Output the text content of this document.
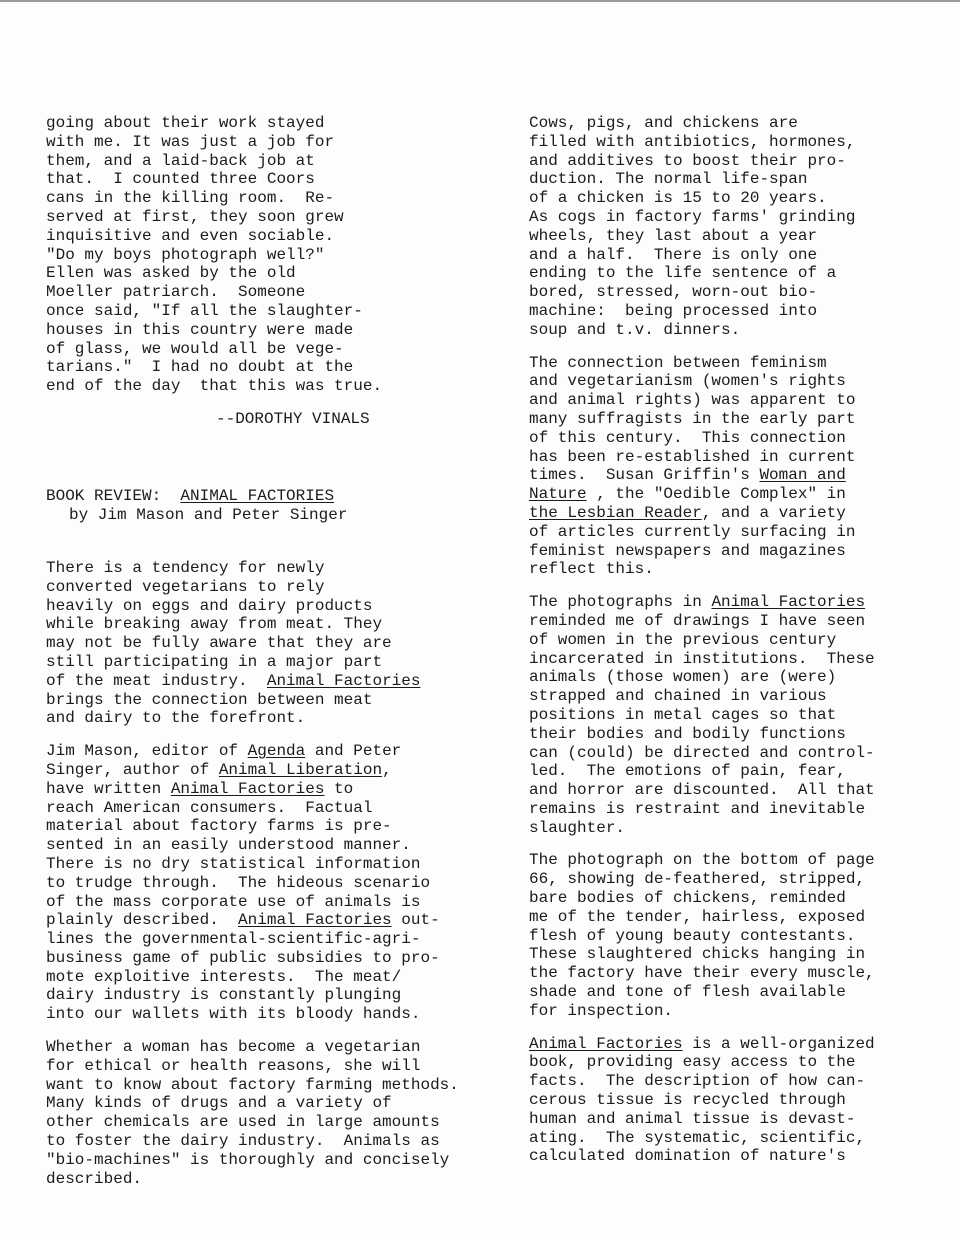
going about their work stayed
with me. It was just a job for
them, and a laid-back job at
that.  I counted three Coors
cans in the killing room.  Re-
served at first, they soon grew
inquisitive and even sociable.
"Do my boys photograph well?"
Ellen was asked by the old
Moeller patriarch.  Someone
once said, "If all the slaughter-
houses in this country were made
of glass, we would all be vege-
tarians."  I had no doubt at the
end of the day  that this was true.
--DOROTHY VINALS
BOOK REVIEW:  ANIMAL FACTORIES
by Jim Mason and Peter Singer
There is a tendency for newly
converted vegetarians to rely
heavily on eggs and dairy products
while breaking away from meat. They
may not be fully aware that they are
still participating in a major part
of the meat industry.  Animal Factories
brings the connection between meat
and dairy to the forefront.
Jim Mason, editor of Agenda and Peter
Singer, author of Animal Liberation,
have written Animal Factories to
reach American consumers.  Factual
material about factory farms is pre-
sented in an easily understood manner.
There is no dry statistical information
to trudge through.  The hideous scenario
of the mass corporate use of animals is
plainly described.  Animal Factories out-
lines the governmental-scientific-agri-
business game of public subsidies to pro-
mote exploitive interests.  The meat/
dairy industry is constantly plunging
into our wallets with its bloody hands.
Whether a woman has become a vegetarian
for ethical or health reasons, she will
want to know about factory farming methods.
Many kinds of drugs and a variety of
other chemicals are used in large amounts
to foster the dairy industry.  Animals as
"bio-machines" is thoroughly and concisely
described.
Cows, pigs, and chickens are
filled with antibiotics, hormones,
and additives to boost their pro-
duction. The normal life-span
of a chicken is 15 to 20 years.
As cogs in factory farms' grinding
wheels, they last about a year
and a half.  There is only one
ending to the life sentence of a
bored, stressed, worn-out bio-
machine:  being processed into
soup and t.v. dinners.
The connection between feminism
and vegetarianism (women's rights
and animal rights) was apparent to
many suffragists in the early part
of this century.  This connection
has been re-established in current
times.  Susan Griffin's Woman and
Nature , the "Oedible Complex" in
the Lesbian Reader, and a variety
of articles currently surfacing in
feminist newspapers and magazines
reflect this.
The photographs in Animal Factories
reminded me of drawings I have seen
of women in the previous century
incarcerated in institutions.  These
animals (those women) are (were)
strapped and chained in various
positions in metal cages so that
their bodies and bodily functions
can (could) be directed and control-
led.  The emotions of pain, fear,
and horror are discounted.  All that
remains is restraint and inevitable
slaughter.
The photograph on the bottom of page
66, showing de-feathered, stripped,
bare bodies of chickens, reminded
me of the tender, hairless, exposed
flesh of young beauty contestants.
These slaughtered chicks hanging in
the factory have their every muscle,
shade and tone of flesh available
for inspection.
Animal Factories is a well-organized
book, providing easy access to the
facts.  The description of how can-
cerous tissue is recycled through
human and animal tissue is devast-
ating.  The systematic, scientific,
calculated domination of nature's
